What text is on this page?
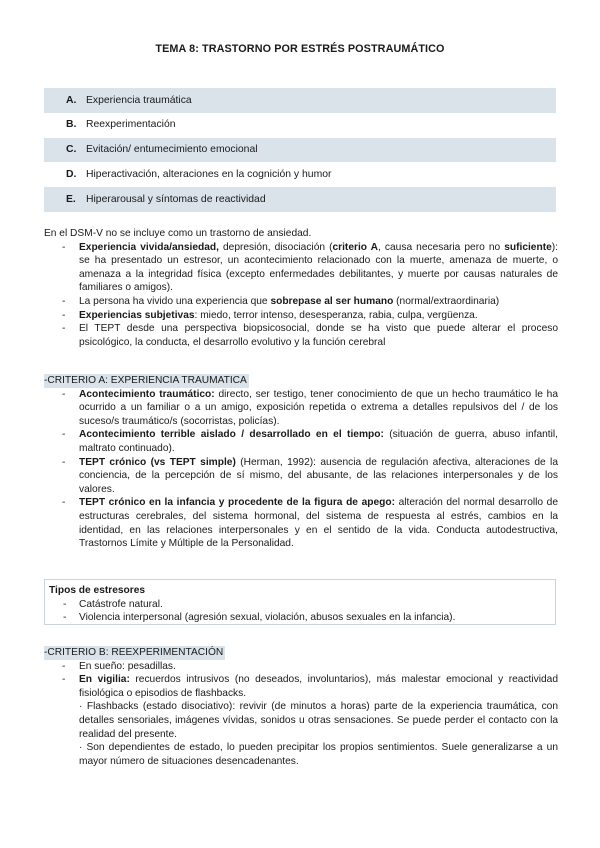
TEMA 8: TRASTORNO POR ESTRÉS POSTRAUMÁTICO
A. Experiencia traumática
B. Reexperimentación
C. Evitación/ entumecimiento emocional
D. Hiperactivación, alteraciones en la cognición y humor
E. Hiperarousal y síntomas de reactividad

En el DSM-V no se incluye como un trastorno de ansiedad.

- Experiencia vivida/ansiedad, depresión, disociación (criterio A, causa necesaria pero no suficiente): se ha presentado un estresor, un acontecimiento relacionado con la muerte, amenaza de muerte, o amenaza a la integridad física (excepto enfermedades debilitantes, y muerte por causas naturales de familiares o amigos).
- La persona ha vivido una experiencia que sobrepase al ser humano (normal/extraordinaria)
- Experiencias subjetivas: miedo, terror intenso, desesperanza, rabia, culpa, vergüenza.
- El TEPT desde una perspectiva biopsicosocial, donde se ha visto que puede alterar el proceso psicológico, la conducta, el desarrollo evolutivo y la función cerebral

-CRITERIO A: EXPERIENCIA TRAUMATICA

- Acontecimiento traumático: directo, ser testigo, tener conocimiento de que un hecho traumático le ha ocurrido a un familiar o a un amigo, exposición repetida o extrema a detalles repulsivos del / de los suceso/s traumático/s (socorristas, policías).
- Acontecimiento terrible aislado / desarrollado en el tiempo: (situación de guerra, abuso infantil, maltrato continuado).
- TEPT crónico (vs TEPT simple) (Herman, 1992): ausencia de regulación afectiva, alteraciones de la conciencia, de la percepción de sí mismo, del abusante, de las relaciones interpersonales y de los valores.
- TEPT crónico en la infancia y procedente de la figura de apego: alteración del normal desarrollo de estructuras cerebrales, del sistema hormonal, del sistema de respuesta al estrés, cambios en la identidad, en las relaciones interpersonales y en el sentido de la vida. Conducta autodestructiva, Trastornos Límite y Múltiple de la Personalidad.
Tipos de estresores
- Catástrofe natural.
- Violencia interpersonal (agresión sexual, violación, abusos sexuales en la infancia).

-CRITERIO B: REEXPERIMENTACIÓN

- En sueño: pesadillas.
- En vigilia: recuerdos intrusivos (no deseados, involuntarios), más malestar emocional y reactividad fisiológica o episodios de flashbacks.

· Flashbacks (estado disociativo): revivir (de minutos a horas) parte de la experiencia traumática, con detalles sensoriales, imágenes vívidas, sonidos u otras sensaciones. Se puede perder el contacto con la realidad del presente.

· Son dependientes de estado, lo pueden precipitar los propios sentimientos. Suele generalizarse a un mayor número de situaciones desencadenantes.
